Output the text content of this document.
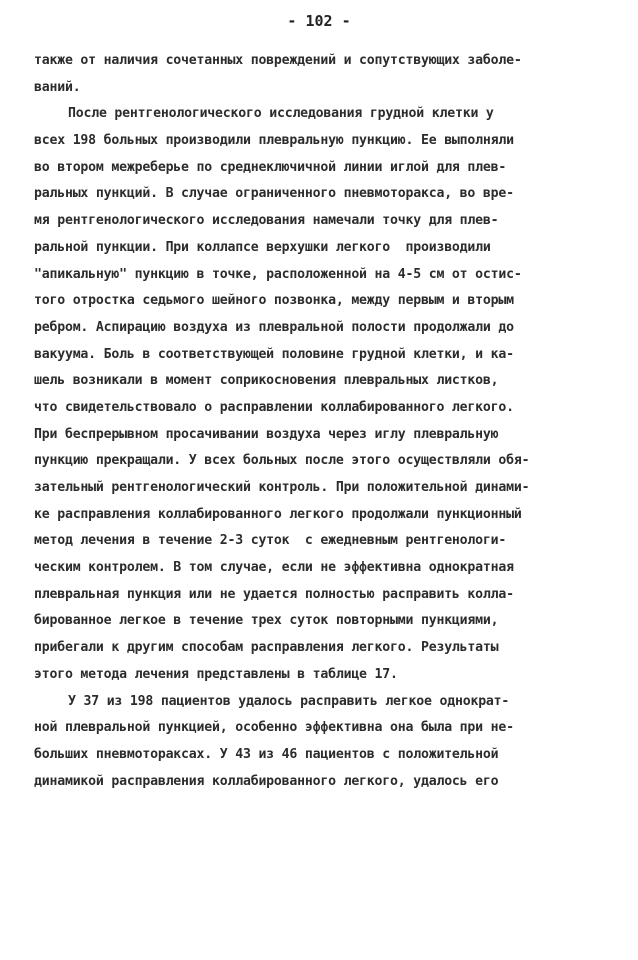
- 102 -
также от наличия сочетанных повреждений и сопутствующих заболе-
ваний.
После рентгенологического исследования грудной клетки у
всех 198 больных производили плевральную пункцию. Ее выполняли
во втором межреберье по среднеключичной линии иглой для плев-
ральных пункций. В случае ограниченного пневмоторакса, во вре-
мя рентгенологического исследования намечали точку для плев-
ральной пункции. При коллапсе верхушки легкого  производили
"апикальную" пункцию в точке, расположенной на 4-5 см от остис-
того отростка седьмого шейного позвонка, между первым и вторым
ребром. Аспирацию воздуха из плевральной полости продолжали до
вакуума. Боль в соответствующей половине грудной клетки, и ка-
шель возникали в момент соприкосновения плевральных листков,
что свидетельствовало о расправлении коллабированного легкого.
При беспрерывном просачивании воздуха через иглу плевральную
пункцию прекращали. У всех больных после этого осуществляли обя-
зательный рентгенологический контроль. При положительной динами-
ке расправления коллабированного легкого продолжали пункционный
метод лечения в течение 2-3 суток  с ежедневным рентгенологи-
ческим контролем. В том случае, если не эффективна однократная
плевральная пункция или не удается полностью расправить колла-
бированное легкое в течение трех суток повторными пункциями,
прибегали к другим способам расправления легкого. Результаты
этого метода лечения представлены в таблице 17.
У 37 из 198 пациентов удалось расправить легкое однократ-
ной плевральной пункцией, особенно эффективна она была при не-
больших пневмотораксах. У 43 из 46 пациентов с положительной
динамикой расправления коллабированного легкого, удалось его
